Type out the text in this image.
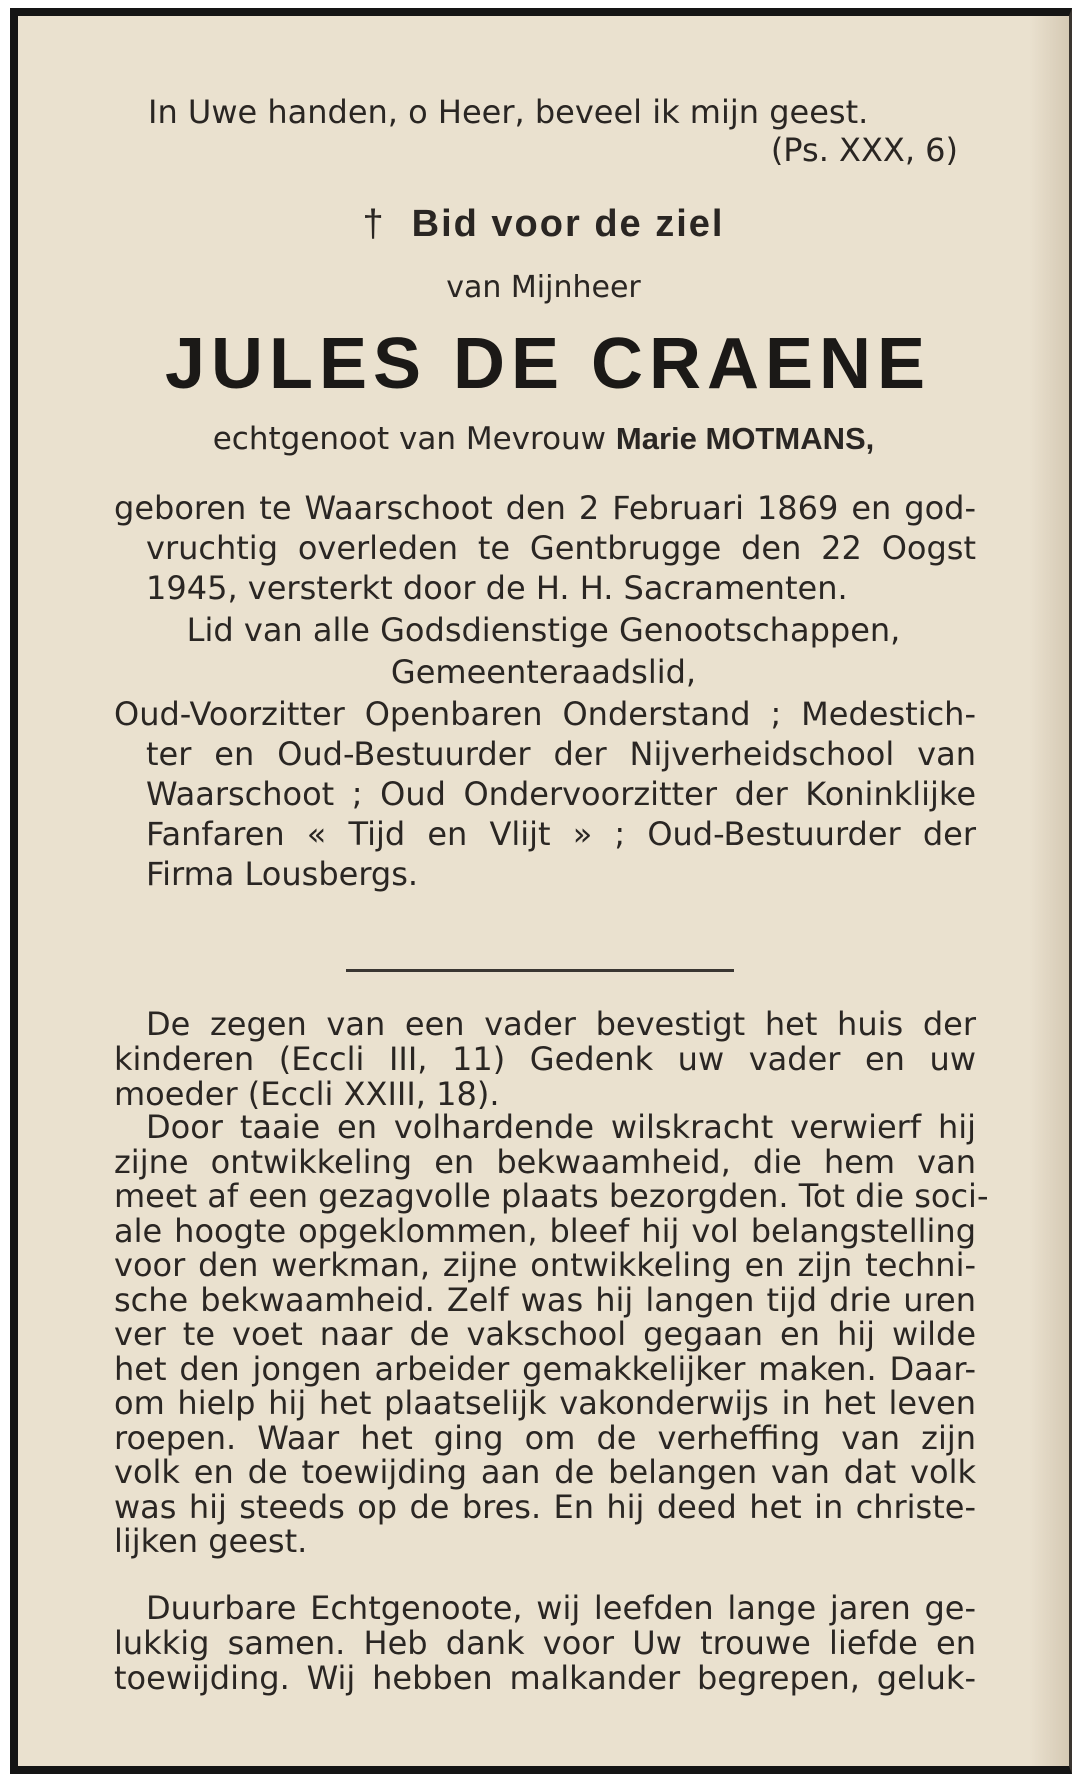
In Uwe handen, o Heer, beveel ik mijn geest.
(Ps. XXX, 6)
† Bid voor de ziel
van Mijnheer
JULES DE CRAENE
echtgenoot van Mevrouw Marie MOTMANS,
geboren te Waarschoot den 2 Februari 1869 en god-
vruchtig overleden te Gentbrugge den 22 Oogst
1945, versterkt door de H. H. Sacramenten.
Lid van alle Godsdienstige Genootschappen,
Gemeenteraadslid,
Oud-Voorzitter Openbaren Onderstand ; Medestich-
ter en Oud-Bestuurder der Nijverheidschool van
Waarschoot ; Oud Ondervoorzitter der Koninklijke
Fanfaren « Tijd en Vlijt » ; Oud-Bestuurder der
Firma Lousbergs.
De zegen van een vader bevestigt het huis der
kinderen (Eccli III, 11) Gedenk uw vader en uw
moeder (Eccli XXIII, 18).
Door taaie en volhardende wilskracht verwierf hij
zijne ontwikkeling en bekwaamheid, die hem van
meet af een gezagvolle plaats bezorgden. Tot die soci-
ale hoogte opgeklommen, bleef hij vol belangstelling
voor den werkman, zijne ontwikkeling en zijn techni-
sche bekwaamheid. Zelf was hij langen tijd drie uren
ver te voet naar de vakschool gegaan en hij wilde
het den jongen arbeider gemakkelijker maken. Daar-
om hielp hij het plaatselijk vakonderwijs in het leven
roepen. Waar het ging om de verheffing van zijn
volk en de toewijding aan de belangen van dat volk
was hij steeds op de bres. En hij deed het in christe-
lijken geest.
Duurbare Echtgenoote, wij leefden lange jaren ge-
lukkig samen. Heb dank voor Uw trouwe liefde en
toewijding. Wij hebben malkander begrepen, geluk-
